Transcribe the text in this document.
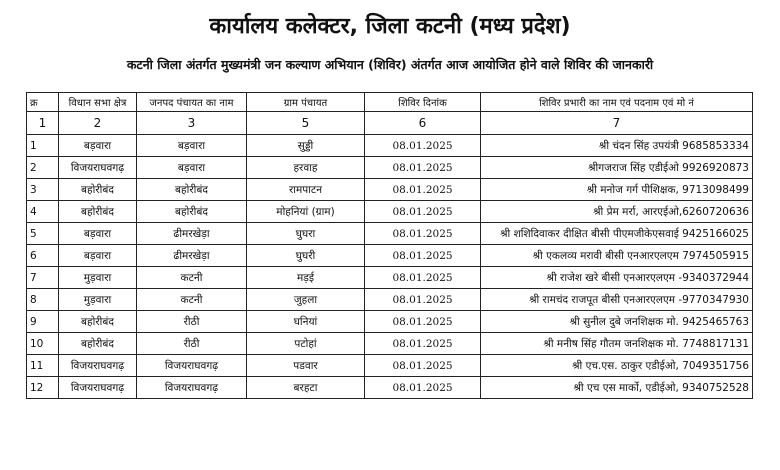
कार्यालय कलेक्टर, जिला कटनी (मध्य प्रदेश)
कटनी जिला अंतर्गत मुख्यमंत्री जन कल्याण अभियान (शिविर) अंतर्गत आज आयोजित होने वाले शिविर की जानकारी
क्र	विधान सभा क्षेत्र	जनपद पंचायत का नाम	ग्राम पंचायत	शिविर दिनांक	शिविर प्रभारी का नाम एवं पदनाम एवं मो नं
1	2	3	5	6	7
1	बड़वारा	बड़वारा	सुड्डी	08.01.2025	श्री चंदन सिंह उपयंत्री 9685853334
2	विजयराघवगढ़	बड़वारा	हरवाह	08.01.2025	श्रीगजराज सिंह एडीईओ 9926920873
3	बहोरीबंद	बहोरीबंद	रामपाटन	08.01.2025	श्री मनोज गर्ग पीशिक्षक, 9713098499
4	बहोरीबंद	बहोरीबंद	मोहनियां (ग्राम)	08.01.2025	श्री प्रेम मर्रा, आरएईओ,6260720636
5	बड़वारा	ढीमरखेड़ा	घुघरा	08.01.2025	श्री शशिदिवाकर दीक्षित बीसी पीएमजीकेएसवाई 9425166025
6	बड़वारा	ढीमरखेड़ा	घुघरी	08.01.2025	श्री एकलव्य मरावी बीसी एनआरएलएम 7974505915
7	मुड़वारा	कटनी	मड़ई	08.01.2025	श्री राजेश खरे बीसी एनआरएलएम -9340372944
8	मुड़वारा	कटनी	जुहला	08.01.2025	श्री रामचंद राजपूत बीसी एनआरएलएम -9770347930
9	बहोरीबंद	रीठी	घनियां	08.01.2025	श्री सुनील दुबे जनशिक्षक मो. 9425465763
10	बहोरीबंद	रीठी	पटोहां	08.01.2025	श्री मनीष सिंह गौतम जनशिक्षक मो. 7748817131
11	विजयराघवगढ़	विजयराघवगढ़	पडवार	08.01.2025	श्री एच.एस. ठाकुर एडीईओ, 7049351756
12	विजयराघवगढ़	विजयराघवगढ़	बरहटा	08.01.2025	श्री एच एस मार्को, एडीईओ, 9340752528
